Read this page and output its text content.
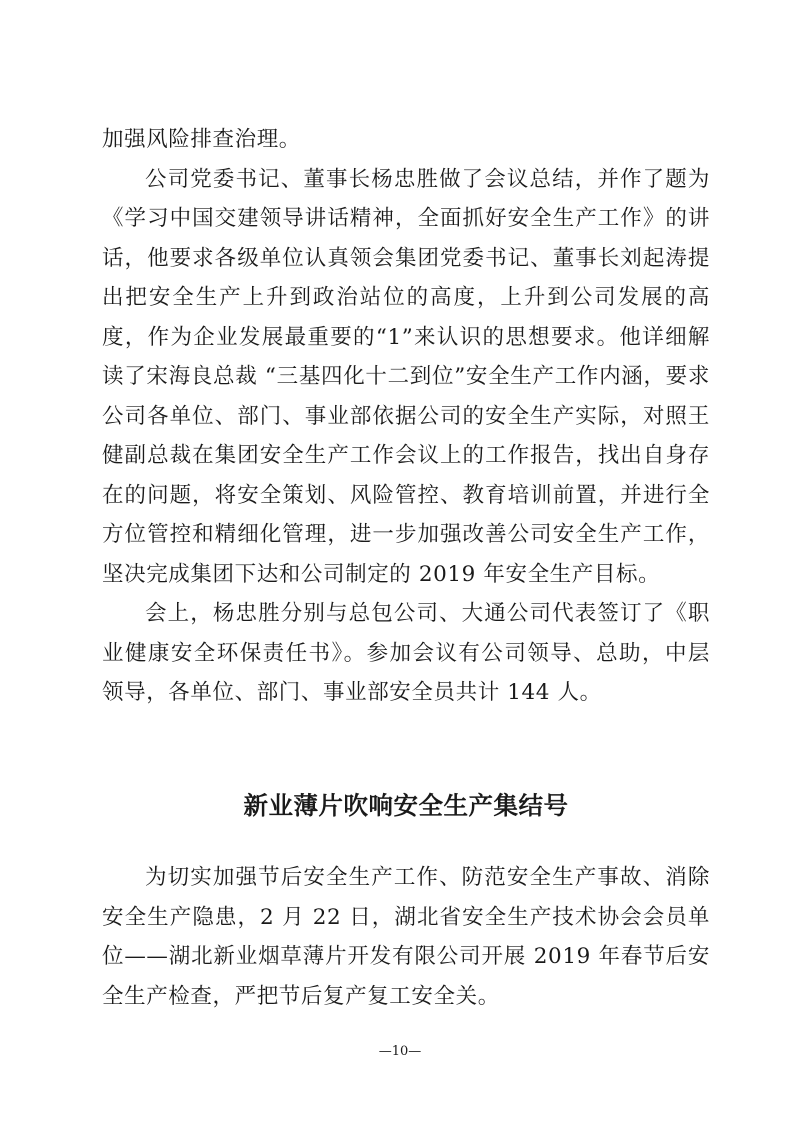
加强风险排查治理。

公司党委书记、董事长杨忠胜做了会议总结，并作了题为《学习中国交建领导讲话精神，全面抓好安全生产工作》的讲话，他要求各级单位认真领会集团党委书记、董事长刘起涛提出把安全生产上升到政治站位的高度，上升到公司发展的高度，作为企业发展最重要的“1”来认识的思想要求。他详细解读了宋海良总裁 “三基四化十二到位”安全生产工作内涵，要求公司各单位、部门、事业部依据公司的安全生产实际，对照王健副总裁在集团安全生产工作会议上的工作报告，找出自身存在的问题，将安全策划、风险管控、教育培训前置，并进行全方位管控和精细化管理，进一步加强改善公司安全生产工作，坚决完成集团下达和公司制定的 2019 年安全生产目标。

会上，杨忠胜分别与总包公司、大通公司代表签订了《职业健康安全环保责任书》。参加会议有公司领导、总助，中层领导，各单位、部门、事业部安全员共计 144 人。

新业薄片吹响安全生产集结号

为切实加强节后安全生产工作、防范安全生产事故、消除安全生产隐患，2 月 22 日，湖北省安全生产技术协会会员单位——湖北新业烟草薄片开发有限公司开展 2019 年春节后安全生产检查，严把节后复产复工安全关。

—10—
